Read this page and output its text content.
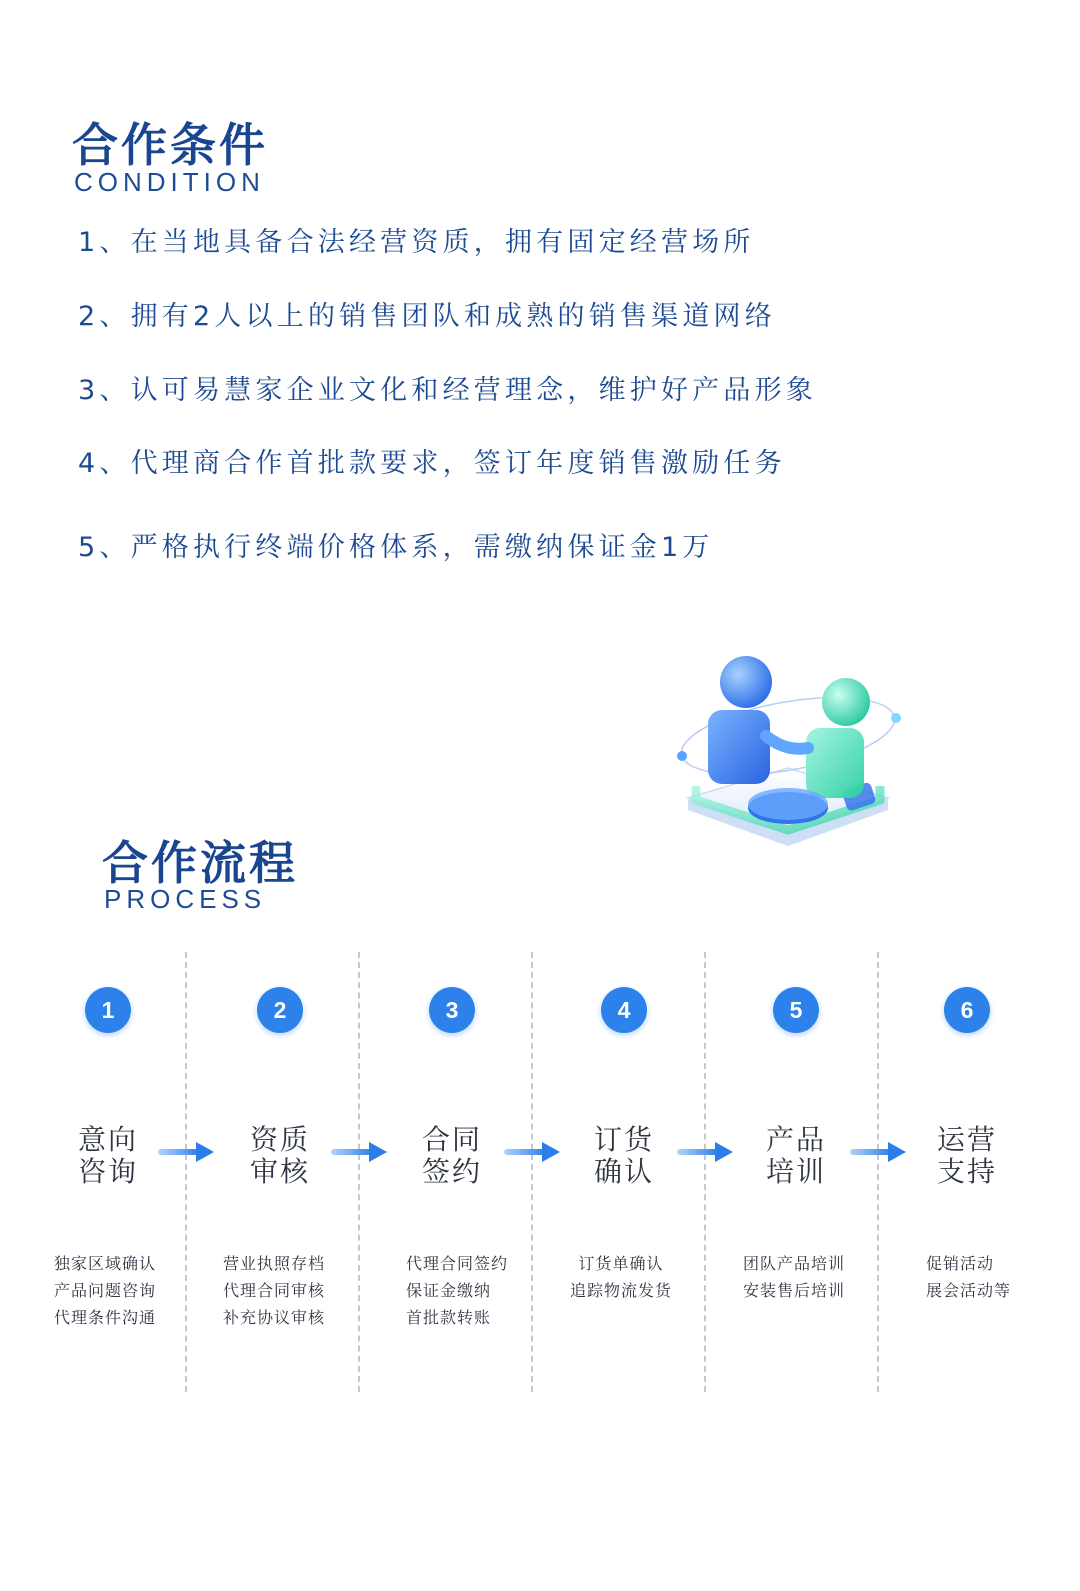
合作条件
CONDITION
1、在当地具备合法经营资质，拥有固定经营场所
2、拥有2人以上的销售团队和成熟的销售渠道网络
3、认可易慧家企业文化和经营理念，维护好产品形象
4、代理商合作首批款要求，签订年度销售激励任务
5、严格执行终端价格体系，需缴纳保证金1万
合作流程
PROCESS
1
意向
咨询
独家区域确认
产品问题咨询
代理条件沟通
2
资质
审核
营业执照存档
代理合同审核
补充协议审核
3
合同
签约
代理合同签约
保证金缴纳
首批款转账
4
订货
确认
订货单确认
追踪物流发货
5
产品
培训
团队产品培训
安装售后培训
6
运营
支持
促销活动
展会活动等
